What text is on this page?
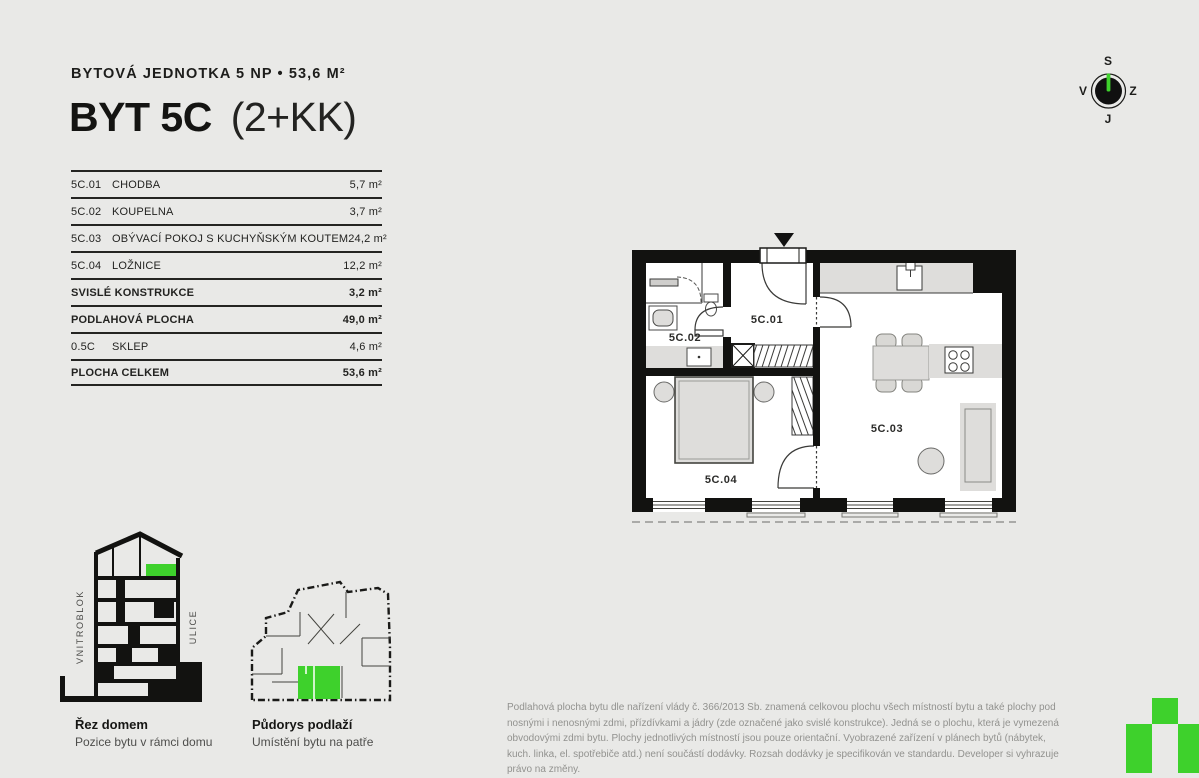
BYTOVÁ JEDNOTKA 5 NP • 53,6 M²
BYT 5C (2+KK)
5C.01 CHODBA	5,7 m²
5C.02 KOUPELNA	3,7 m²
5C.03 OBÝVACÍ POKOJ S KUCHYŇSKÝM KOUTEM 24,2 m²
5C.04 LOŽNICE	12,2 m²
SVISLÉ KONSTRUKCE	3,2 m²
PODLAHOVÁ PLOCHA	49,0 m²
0.5C	SKLEP	4,6 m²
PLOCHA CELKEM	53,6 m²
S
V	Z
J
5C.01
5C.02
5C.03
5C.04
VNITROBLOK	ULICE
Řez domem
Pozice bytu v rámci domu
Půdorys podlaží
Umístění bytu na patře
Podlahová plocha bytu dle nařízení vlády č. 366/2013 Sb. znamená celkovou plochu všech místností bytu a také plochy pod nosnými i nenosnými zdmi, přízdívkami a jádry (zde označené jako svislé konstrukce). Jedná se o plochu, která je vymezená obvodovými zdmi bytu. Plochy jednotlivých místností jsou pouze orientační. Vyobrazené zařízení v plánech bytů (nábytek, kuch. linka, el. spotřebiče atd.) není součástí dodávky. Rozsah dodávky je specifikován ve standardu. Developer si vyhrazuje právo na změny.
